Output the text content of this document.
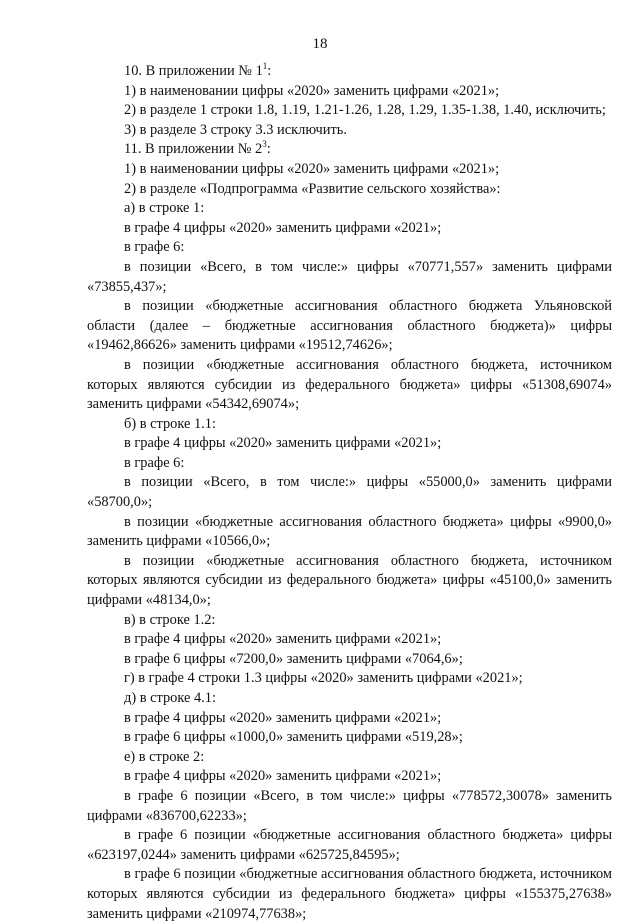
18

10. В приложении № $1^1$:

1) в наименовании цифры «2020» заменить цифрами «2021»;

2) в разделе 1 строки 1.8, 1.19, 1.21-1.26, 1.28, 1.29, 1.35-1.38, 1.40, исключить;

3) в разделе 3 строку 3.3 исключить.

11. В приложении № $2^3$:

1) в наименовании цифры «2020» заменить цифрами «2021»;

2) в разделе «Подпрограмма «Развитие сельского хозяйства»:

а) в строке 1:

в графе 4 цифры «2020» заменить цифрами «2021»;

в графе 6:

в позиции «Всего, в том числе:» цифры «70771,557» заменить цифрами «73855,437»;

в позиции «бюджетные ассигнования областного бюджета Ульяновской области (далее – бюджетные ассигнования областного бюджета)» цифры «19462,86626» заменить цифрами «19512,74626»;

в позиции «бюджетные ассигнования областного бюджета, источником которых являются субсидии из федерального бюджета» цифры «51308,69074» заменить цифрами «54342,69074»;

б) в строке 1.1:

в графе 4 цифры «2020» заменить цифрами «2021»;

в графе 6:

в позиции «Всего, в том числе:» цифры «55000,0» заменить цифрами «58700,0»;

в позиции «бюджетные ассигнования областного бюджета» цифры «9900,0» заменить цифрами «10566,0»;

в позиции «бюджетные ассигнования областного бюджета, источником которых являются субсидии из федерального бюджета» цифры «45100,0» заменить цифрами «48134,0»;

в) в строке 1.2:

в графе 4 цифры «2020» заменить цифрами «2021»;

в графе 6 цифры «7200,0» заменить цифрами «7064,6»;

г) в графе 4 строки 1.3 цифры «2020» заменить цифрами «2021»;

д) в строке 4.1:

в графе 4 цифры «2020» заменить цифрами «2021»;

в графе 6 цифры «1000,0» заменить цифрами «519,28»;

е) в строке 2:

в графе 4 цифры «2020» заменить цифрами «2021»;

в графе 6 позиции «Всего, в том числе:» цифры «778572,30078» заменить цифрами «836700,62233»;

в графе 6 позиции «бюджетные ассигнования областного бюджета» цифры «623197,0244» заменить цифрами «625725,84595»;

в графе 6 позиции «бюджетные ассигнования областного бюджета, источником которых являются субсидии из федерального бюджета» цифры «155375,27638» заменить цифрами «210974,77638»;
